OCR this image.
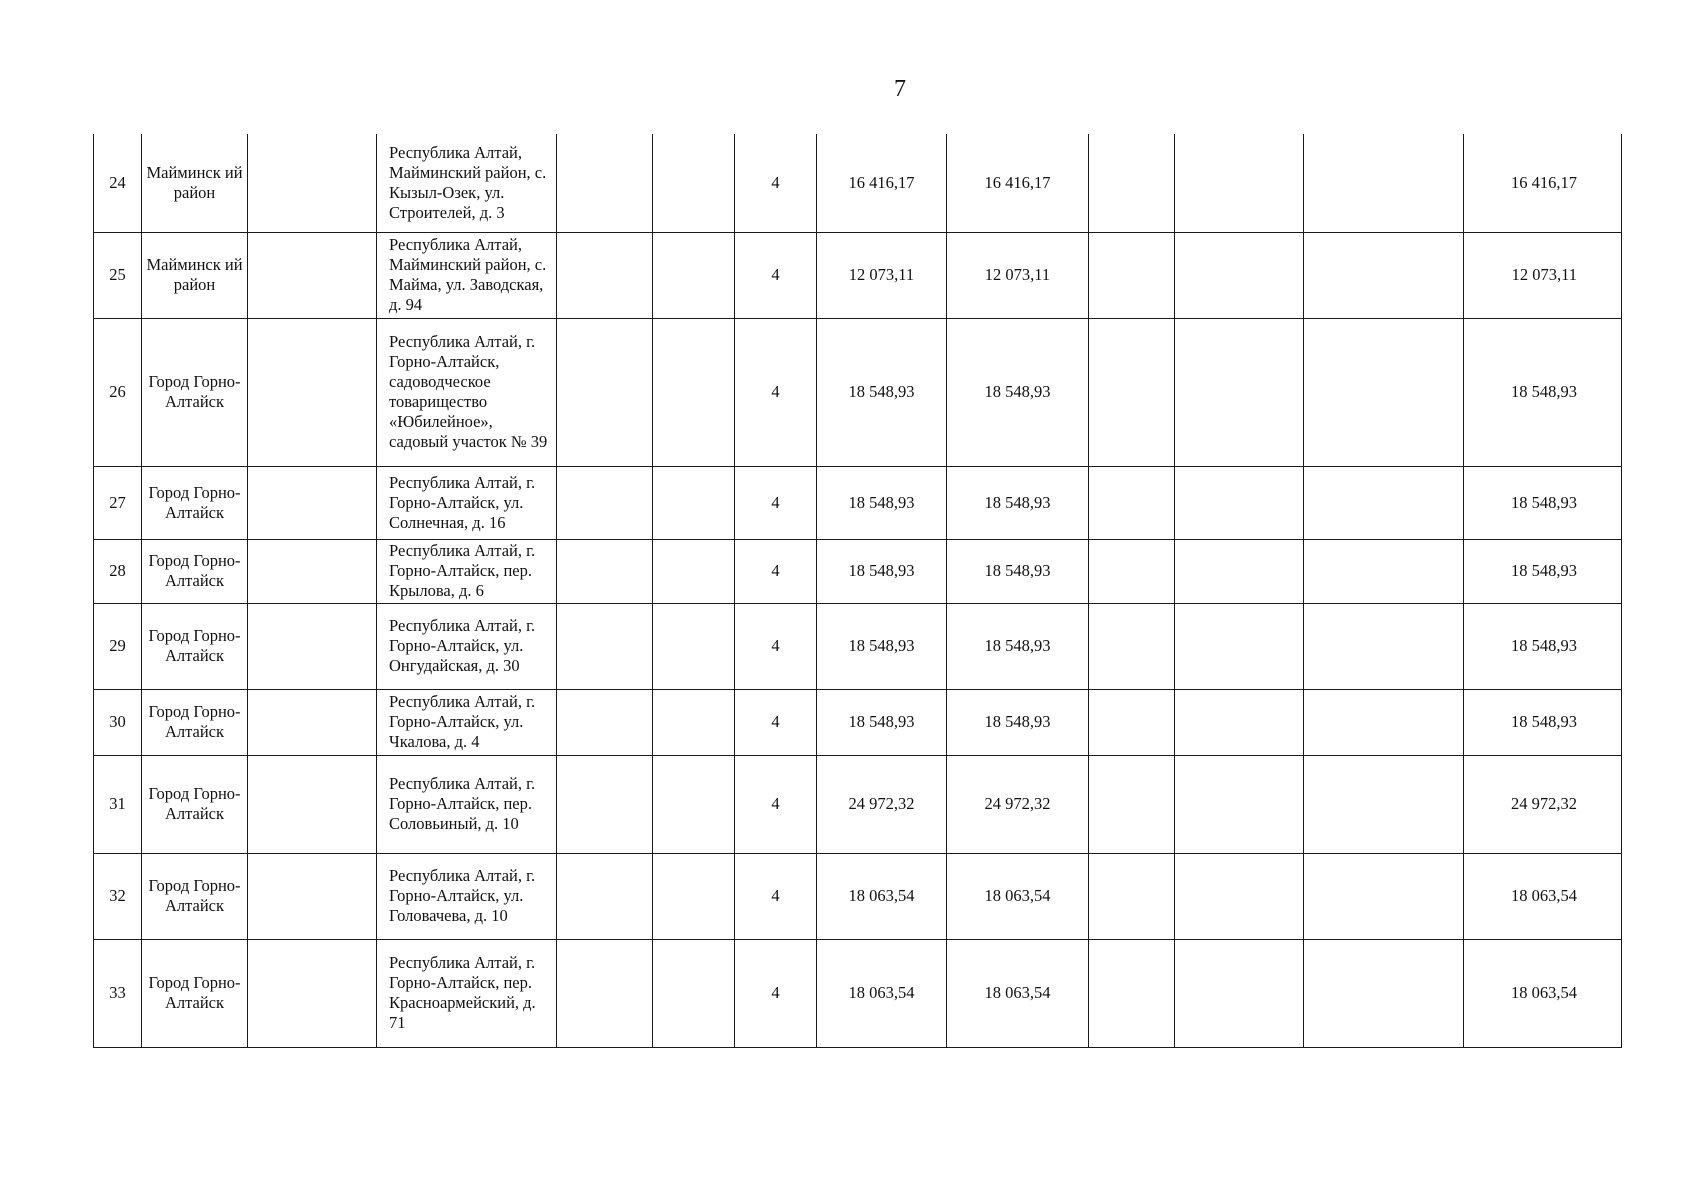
7
24	Майминск ий район		Республика Алтай, Майминский район, с. Кызыл-Озек, ул. Строителей, д. 3			4	16 416,17	16 416,17				16 416,17
25	Майминск ий район		Республика Алтай, Майминский район, с. Майма, ул. Заводская, д. 94			4	12 073,11	12 073,11				12 073,11
26	Город Горно-Алтайск		Республика Алтай, г. Горно-Алтайск, садоводческое товарищество «Юбилейное», садовый участок № 39			4	18 548,93	18 548,93				18 548,93
27	Город Горно-Алтайск		Республика Алтай, г. Горно-Алтайск, ул. Солнечная, д. 16			4	18 548,93	18 548,93				18 548,93
28	Город Горно-Алтайск		Республика Алтай, г. Горно-Алтайск, пер. Крылова, д. 6			4	18 548,93	18 548,93				18 548,93
29	Город Горно-Алтайск		Республика Алтай, г. Горно-Алтайск, ул. Онгудайская, д. 30			4	18 548,93	18 548,93				18 548,93
30	Город Горно-Алтайск		Республика Алтай, г. Горно-Алтайск, ул. Чкалова, д. 4			4	18 548,93	18 548,93				18 548,93
31	Город Горно-Алтайск		Республика Алтай, г. Горно-Алтайск, пер. Соловьиный, д. 10			4	24 972,32	24 972,32				24 972,32
32	Город Горно-Алтайск		Республика Алтай, г. Горно-Алтайск, ул. Головачева, д. 10			4	18 063,54	18 063,54				18 063,54
33	Город Горно-Алтайск		Республика Алтай, г. Горно-Алтайск, пер. Красноармейский, д. 71			4	18 063,54	18 063,54				18 063,54
